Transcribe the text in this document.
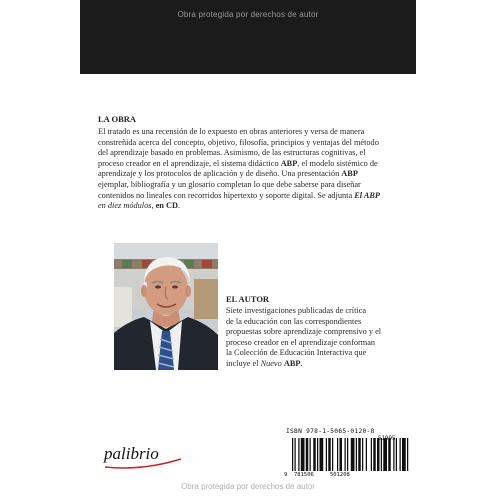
Obra protegida por derechos de autor
LA OBRA

El tratado es una recensión de lo expuesto en obras anteriores y versa de manera
constreñida acerca del concepto, objetivo, filosofía, principios y ventajas del método
del aprendizaje basado en problemas. Asimismo, de las estructuras cognitivas, el
proceso creador en el aprendizaje, el sistema didáctico ABP, el modelo sistémico de
aprendizaje y los protocolos de aplicación y de diseño. Una presentación ABP
ejemplar, bibliografía y un glosario completan lo que debe saberse para diseñar
contenidos no lineales con recorridos hipertexto y soporte digital. Se adjunta El ABP
en diez módulos, en CD.

EL AUTOR

Siete investigaciones publicadas de crítica
de la educación con las correspondientes
propuestas sobre aprendizaje comprensivo y el
proceso creador en el aprendizaje conforman
la Colección de Educación Interactiva que
incluye el Nuevo ABP.

palibrio
ISBN 978-1-5065-0120-8
9 781506	501208
Obra protegida por derechos de autor
